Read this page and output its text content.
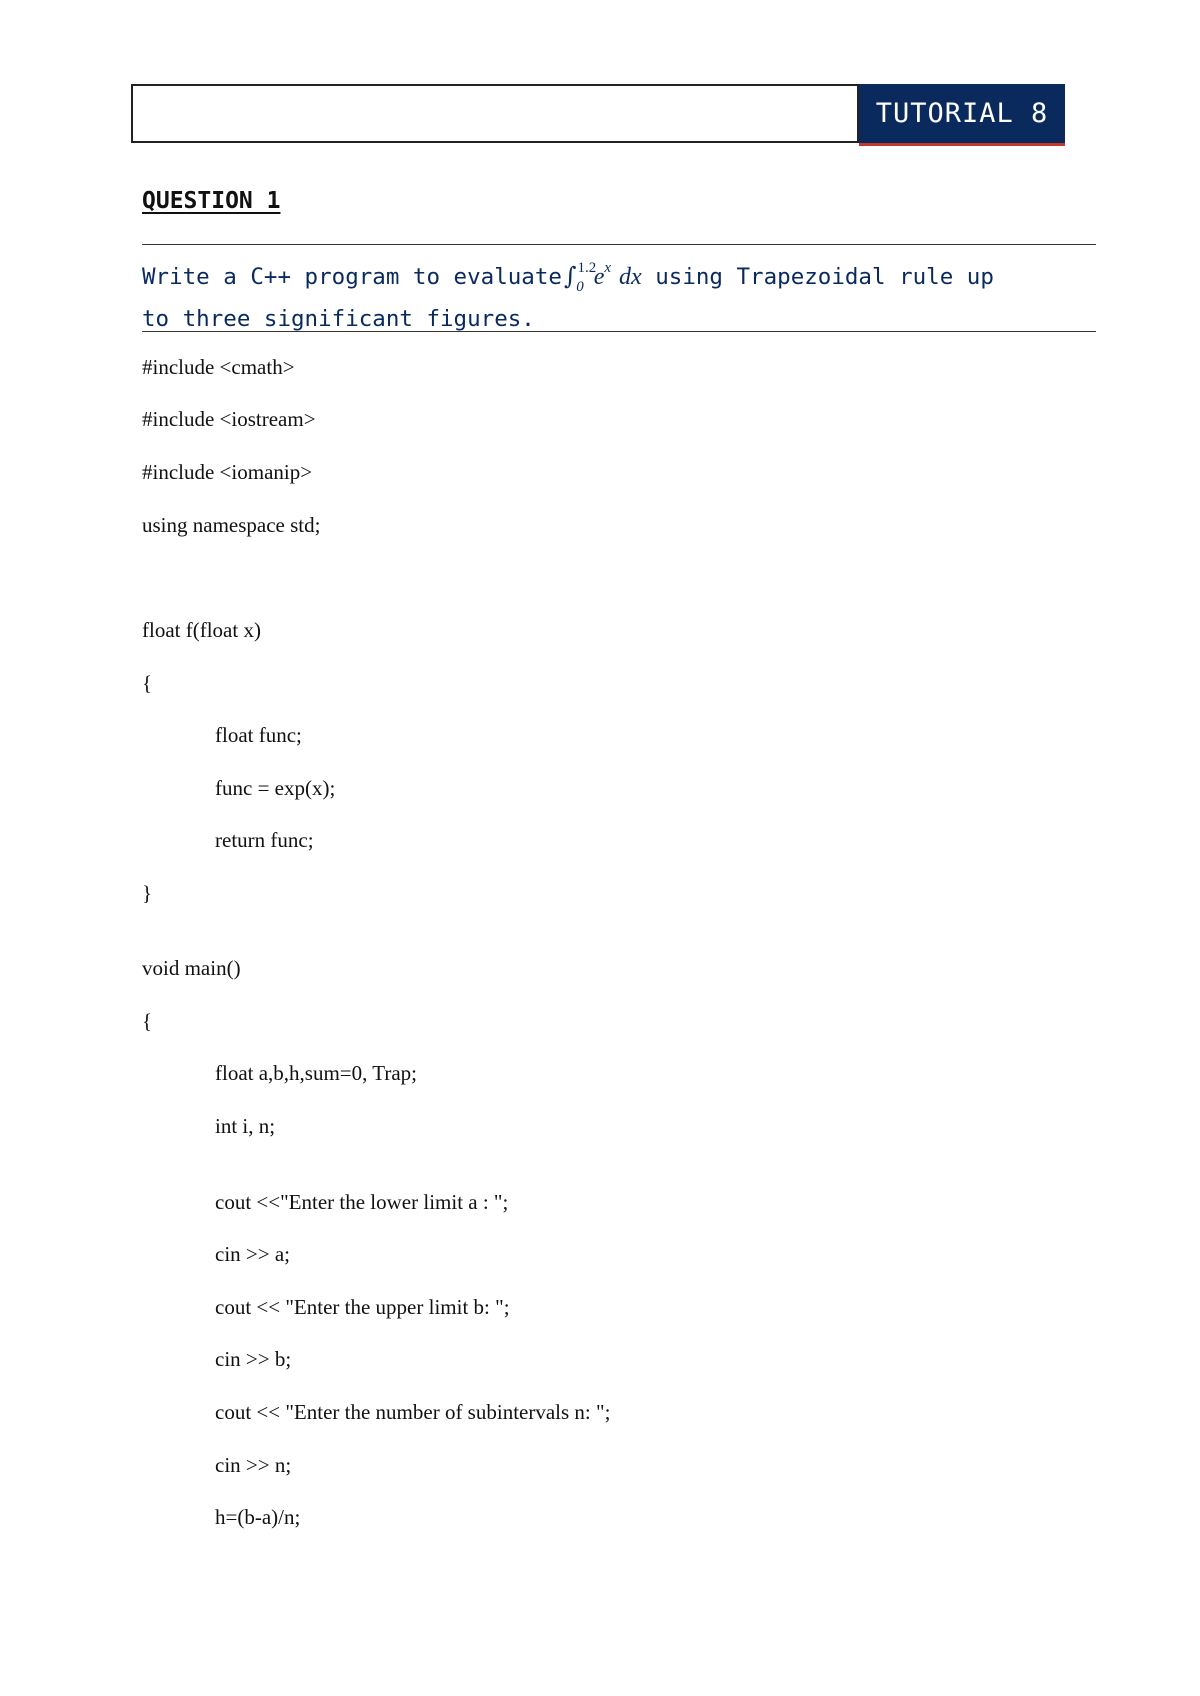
TUTORIAL 8
QUESTION 1
Write a C++ program to evaluate∫$^{1.2}_0$ $e^x$ dx using Trapezoidal rule up
to three significant figures.
#include <cmath>
#include <iostream>
#include <iomanip>
using namespace std;
float f(float x)
{
float func;
func = exp(x);
return func;
}
void main()
{
float a,b,h,sum=0, Trap;
int i, n;
cout <<"Enter the lower limit a : ";
cin >> a;
cout << "Enter the upper limit b: ";
cin >> b;
cout << "Enter the number of subintervals n: ";
cin >> n;
h=(b-a)/n;
